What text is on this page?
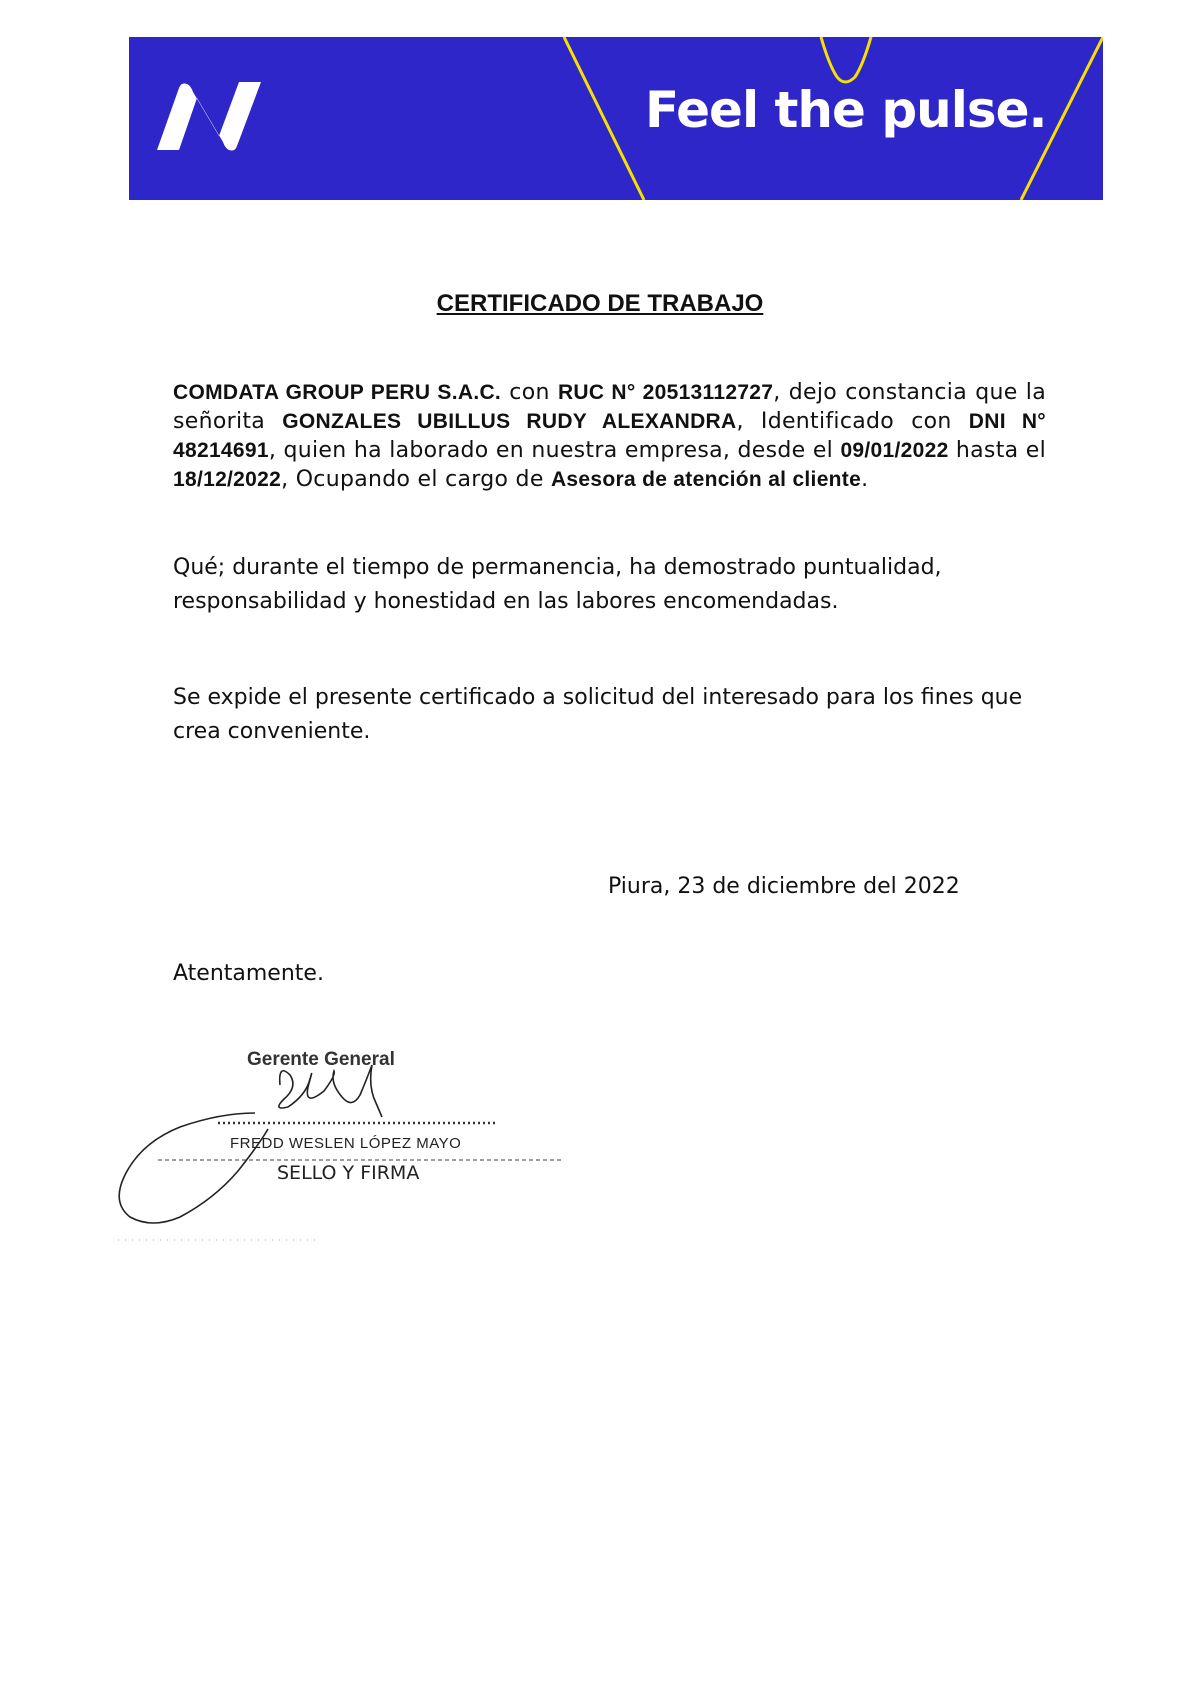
Feel the pulse.
CERTIFICADO DE TRABAJO
COMDATA GROUP PERU S.A.C. con RUC N° 20513112727, dejo constancia que la señorita GONZALES UBILLUS RUDY ALEXANDRA, Identificado con DNI N° 48214691, quien ha laborado en nuestra empresa, desde el 09/01/2022 hasta el 18/12/2022, Ocupando el cargo de Asesora de atención al cliente.
Qué; durante el tiempo de permanencia, ha demostrado puntualidad, responsabilidad y honestidad en las labores encomendadas.
Se expide el presente certificado a solicitud del interesado para los fines que crea conveniente.
Piura, 23 de diciembre del 2022
Atentamente.
Gerente General
FREDD WESLEN LÓPEZ MAYO
SELLO Y FIRMA
